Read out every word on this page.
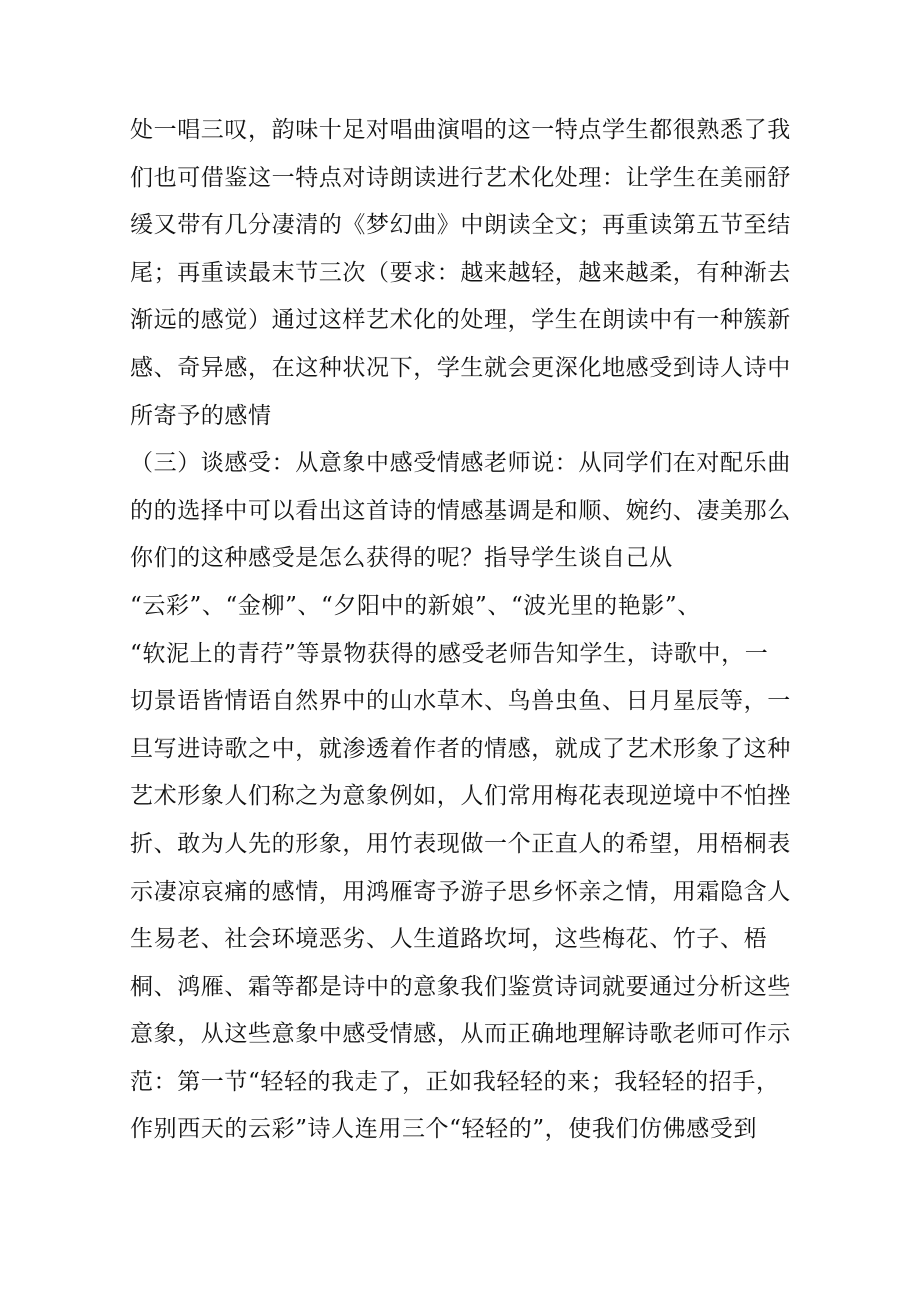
处一唱三叹，韵味十足对唱曲演唱的这一特点学生都很熟悉了我
们也可借鉴这一特点对诗朗读进行艺术化处理：让学生在美丽舒
缓又带有几分凄清的《梦幻曲》中朗读全文；再重读第五节至结
尾；再重读最末节三次（要求：越来越轻，越来越柔，有种渐去
渐远的感觉）通过这样艺术化的处理，学生在朗读中有一种簇新
感、奇异感，在这种状况下，学生就会更深化地感受到诗人诗中
所寄予的感情
（三）谈感受：从意象中感受情感老师说：从同学们在对配乐曲
的的选择中可以看出这首诗的情感基调是和顺、婉约、凄美那么
你们的这种感受是怎么获得的呢？指导学生谈自己从
“云彩”、“金柳”、“夕阳中的新娘”、“波光里的艳影”、
“软泥上的青荇”等景物获得的感受老师告知学生，诗歌中，一
切景语皆情语自然界中的山水草木、鸟兽虫鱼、日月星辰等，一
旦写进诗歌之中，就渗透着作者的情感，就成了艺术形象了这种
艺术形象人们称之为意象例如，人们常用梅花表现逆境中不怕挫
折、敢为人先的形象，用竹表现做一个正直人的希望，用梧桐表
示凄凉哀痛的感情，用鸿雁寄予游子思乡怀亲之情，用霜隐含人
生易老、社会环境恶劣、人生道路坎坷，这些梅花、竹子、梧
桐、鸿雁、霜等都是诗中的意象我们鉴赏诗词就要通过分析这些
意象，从这些意象中感受情感，从而正确地理解诗歌老师可作示
范：第一节“轻轻的我走了，正如我轻轻的来；我轻轻的招手，
作别西天的云彩”诗人连用三个“轻轻的”，使我们仿佛感受到
